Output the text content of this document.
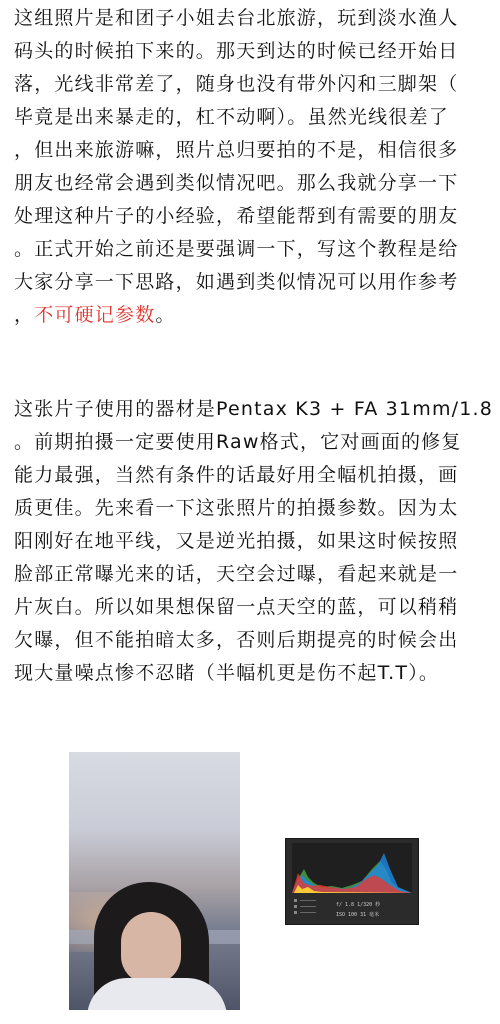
这组照片是和团子小姐去台北旅游，玩到淡水渔人
码头的时候拍下来的。那天到达的时候已经开始日
落，光线非常差了，随身也没有带外闪和三脚架（
毕竟是出来暴走的，杠不动啊）。虽然光线很差了
，但出来旅游嘛，照片总归要拍的不是，相信很多
朋友也经常会遇到类似情况吧。那么我就分享一下
处理这种片子的小经验，希望能帮到有需要的朋友
。正式开始之前还是要强调一下，写这个教程是给
大家分享一下思路，如遇到类似情况可以用作参考
，不可硬记参数。
这张片子使用的器材是Pentax K3 + FA 31mm/1.8
。前期拍摄一定要使用Raw格式，它对画面的修复
能力最强，当然有条件的话最好用全幅机拍摄，画
质更佳。先来看一下这张照片的拍摄参数。因为太
阳刚好在地平线，又是逆光拍摄，如果这时候按照
脸部正常曝光来的话，天空会过曝，看起来就是一
片灰白。所以如果想保留一点天空的蓝，可以稍稍
欠曝，但不能拍暗太多，否则后期提亮的时候会出
现大量噪点惨不忍睹（半幅机更是伤不起T.T）。
f/ 1.8 1/320 秒
ISO 100 31 毫米
